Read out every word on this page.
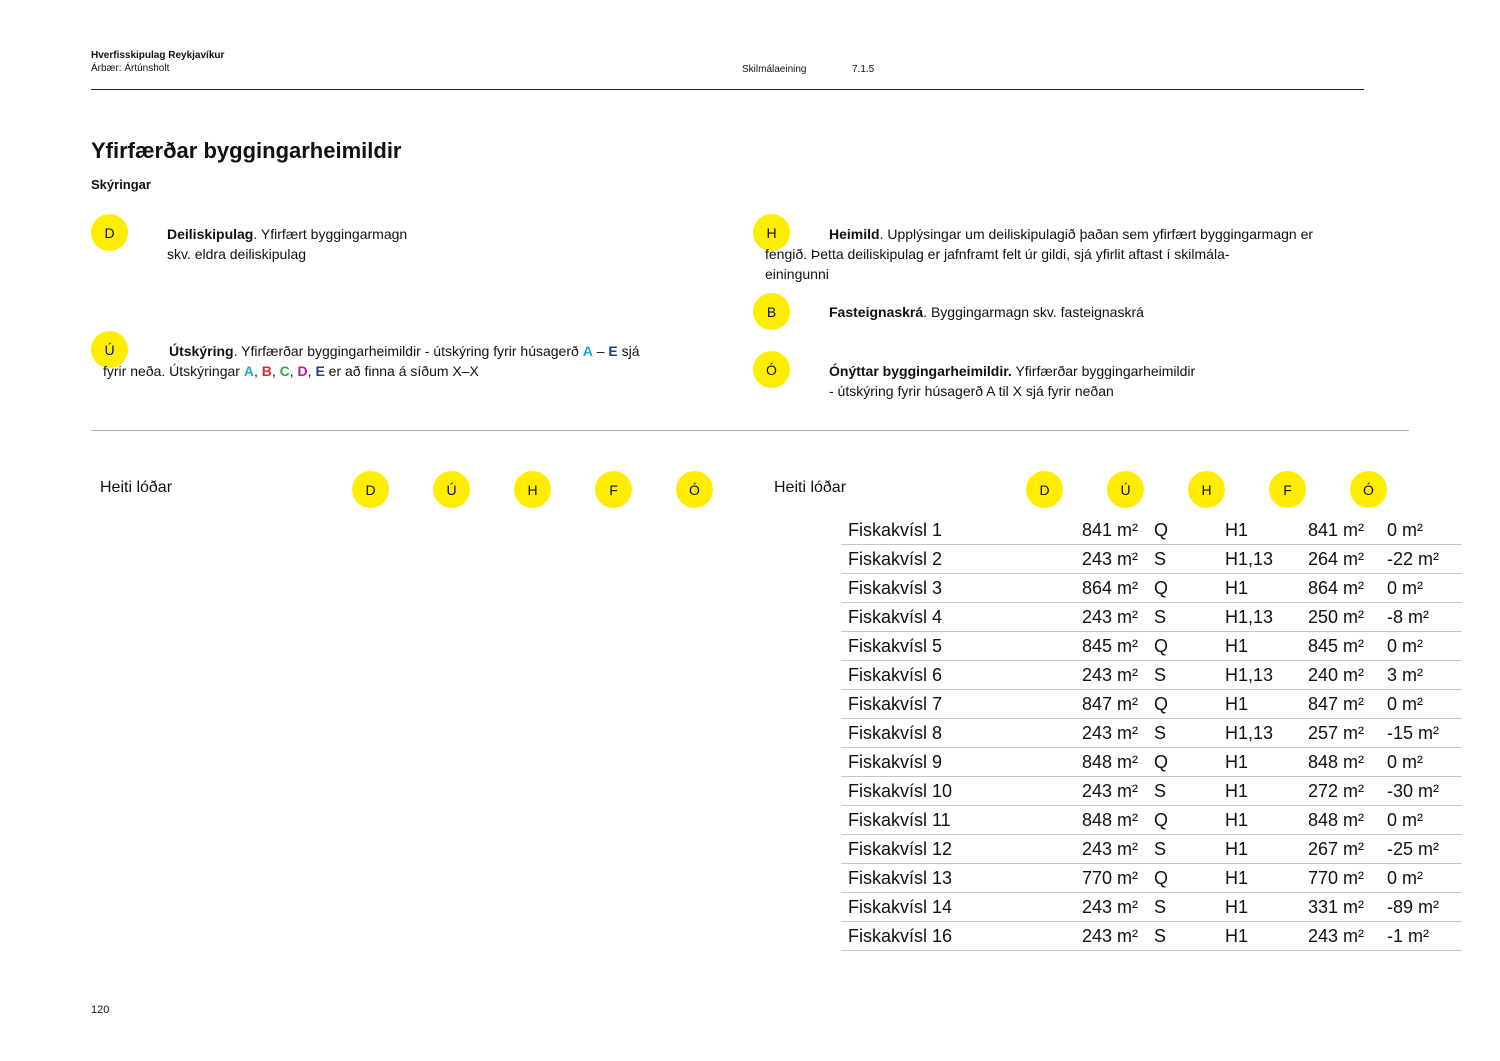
Hverfisskipulag Reykjavíkur
Árbær: Ártúnsholt	Skilmálaeining	7.1.5
Yfirfærðar byggingarheimildir
Skýringar
D	Deiliskipulag. Yfirfært byggingarmagn
skv. eldra deiliskipulag
Ú	Útskýring. Yfirfærðar byggingarheimildir - útskýring fyrir húsagerð A – E sjá
fyrir neða. Útskýringar A, B, C, D, E er að finna á síðum X–X
H	Heimild. Upplýsingar um deiliskipulagið þaðan sem yfirfært byggingarmagn er
fengið. Þetta deiliskipulag er jafnframt felt úr gildi, sjá yfirlit aftast í skilmála-
einingunni
B	Fasteignaskrá. Byggingarmagn skv. fasteignaskrá
Ó	Ónýttar byggingarheimildir. Yfirfærðar byggingarheimildir
- útskýring fyrir húsagerð A til X sjá fyrir neðan
Heiti lóðar	D	Ú	H	F	Ó	Heiti lóðar	D	Ú	H	F	Ó
Fiskakvísl 1	841 m²	Q	H1	841 m²	0 m²
Fiskakvísl 2	243 m²	S	H1,13	264 m²	-22 m²
Fiskakvísl 3	864 m²	Q	H1	864 m²	0 m²
Fiskakvísl 4	243 m²	S	H1,13	250 m²	-8 m²
Fiskakvísl 5	845 m²	Q	H1	845 m²	0 m²
Fiskakvísl 6	243 m²	S	H1,13	240 m²	3 m²
Fiskakvísl 7	847 m²	Q	H1	847 m²	0 m²
Fiskakvísl 8	243 m²	S	H1,13	257 m²	-15 m²
Fiskakvísl 9	848 m²	Q	H1	848 m²	0 m²
Fiskakvísl 10	243 m²	S	H1	272 m²	-30 m²
Fiskakvísl 11	848 m²	Q	H1	848 m²	0 m²
Fiskakvísl 12	243 m²	S	H1	267 m²	-25 m²
Fiskakvísl 13	770 m²	Q	H1	770 m²	0 m²
Fiskakvísl 14	243 m²	S	H1	331 m²	-89 m²
Fiskakvísl 16	243 m²	S	H1	243 m²	-1 m²
120
